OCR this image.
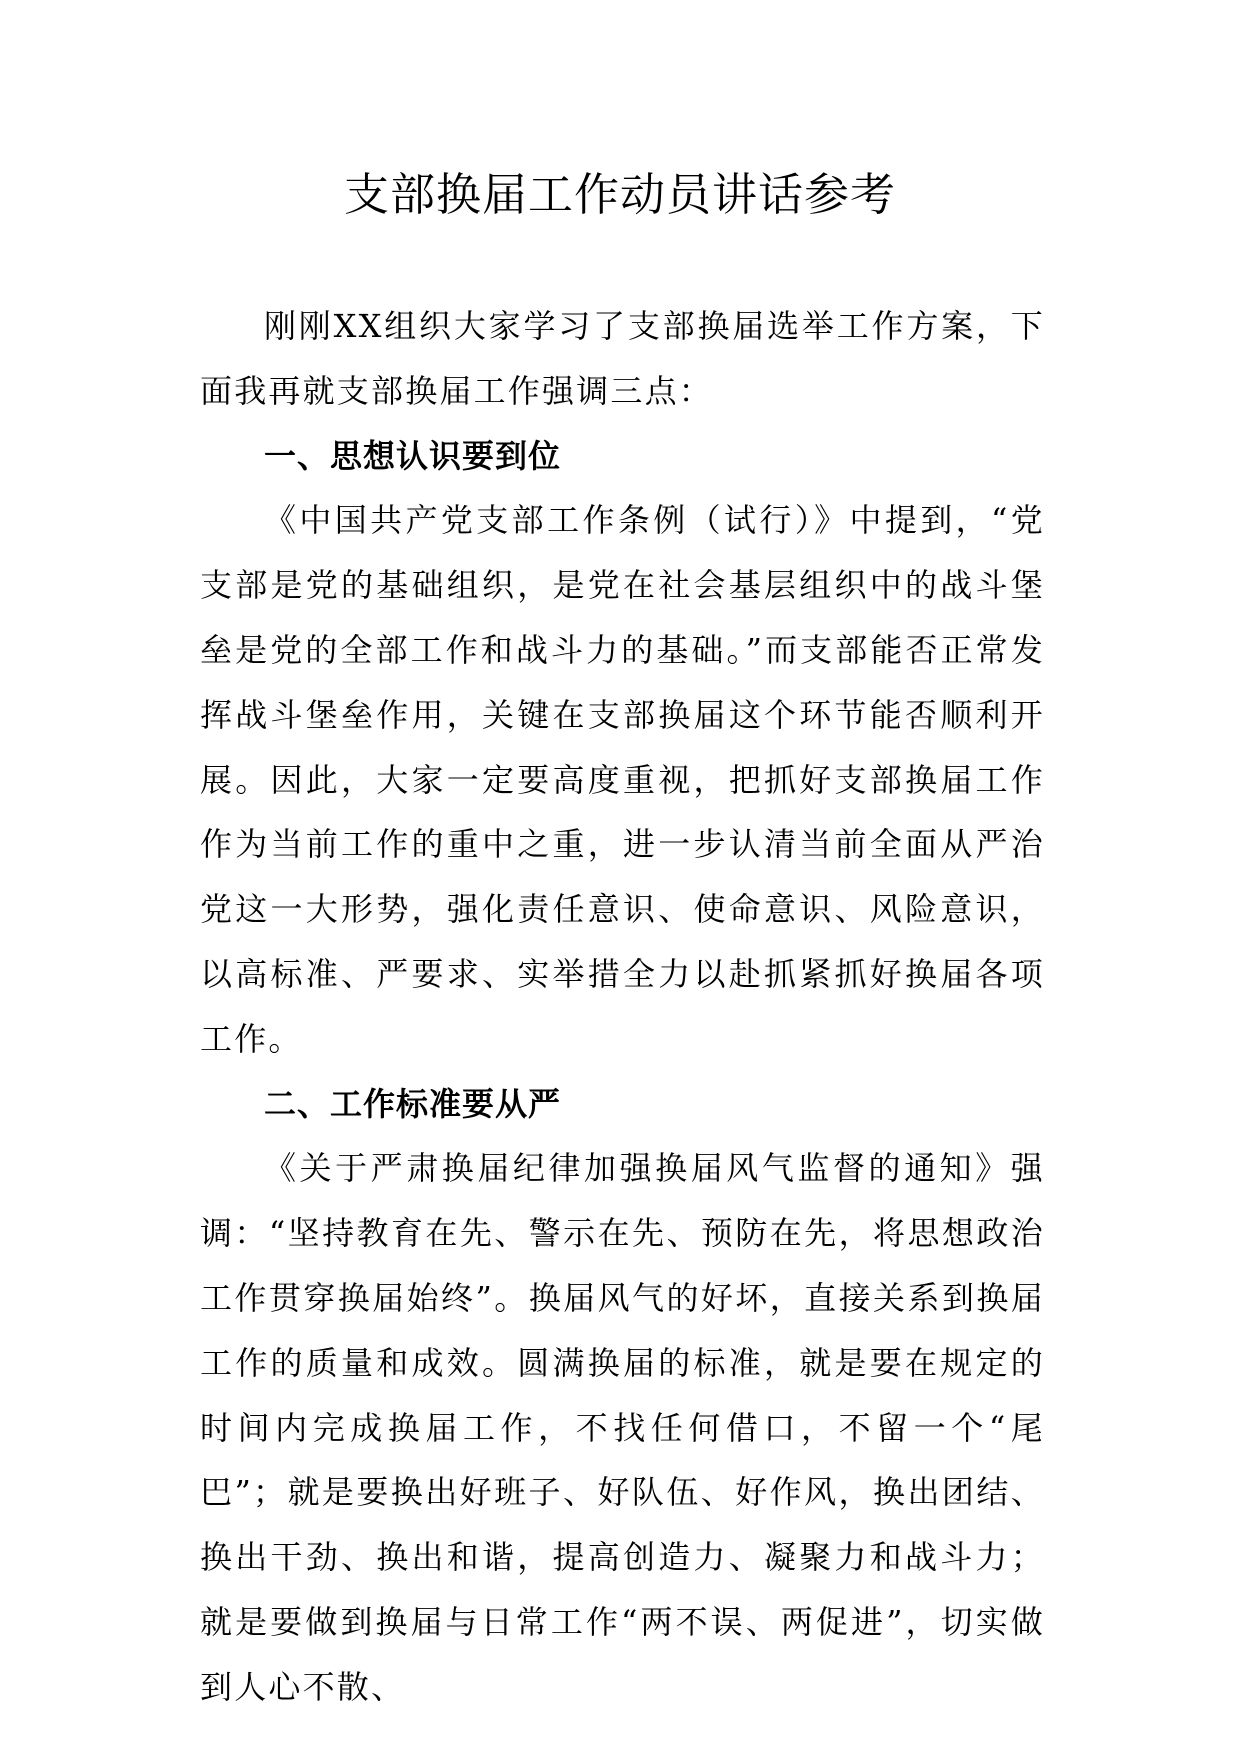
支部换届工作动员讲话参考

刚刚XX组织大家学习了支部换届选举工作方案，下面我再就支部换届工作强调三点：

一、思想认识要到位

《中国共产党支部工作条例（试行）》中提到，“党支部是党的基础组织，是党在社会基层组织中的战斗堡垒是党的全部工作和战斗力的基础。”而支部能否正常发挥战斗堡垒作用，关键在支部换届这个环节能否顺利开展。因此，大家一定要高度重视，把抓好支部换届工作作为当前工作的重中之重，进一步认清当前全面从严治党这一大形势，强化责任意识、使命意识、风险意识，以高标准、严要求、实举措全力以赴抓紧抓好换届各项工作。

二、工作标准要从严

《关于严肃换届纪律加强换届风气监督的通知》强调：“坚持教育在先、警示在先、预防在先，将思想政治工作贯穿换届始终”。换届风气的好坏，直接关系到换届工作的质量和成效。圆满换届的标准，就是要在规定的时间内完成换届工作，不找任何借口，不留一个“尾巴”；就是要换出好班子、好队伍、好作风，换出团结、换出干劲、换出和谐，提高创造力、凝聚力和战斗力；就是要做到换届与日常工作“两不误、两促进”，切实做到人心不散、
